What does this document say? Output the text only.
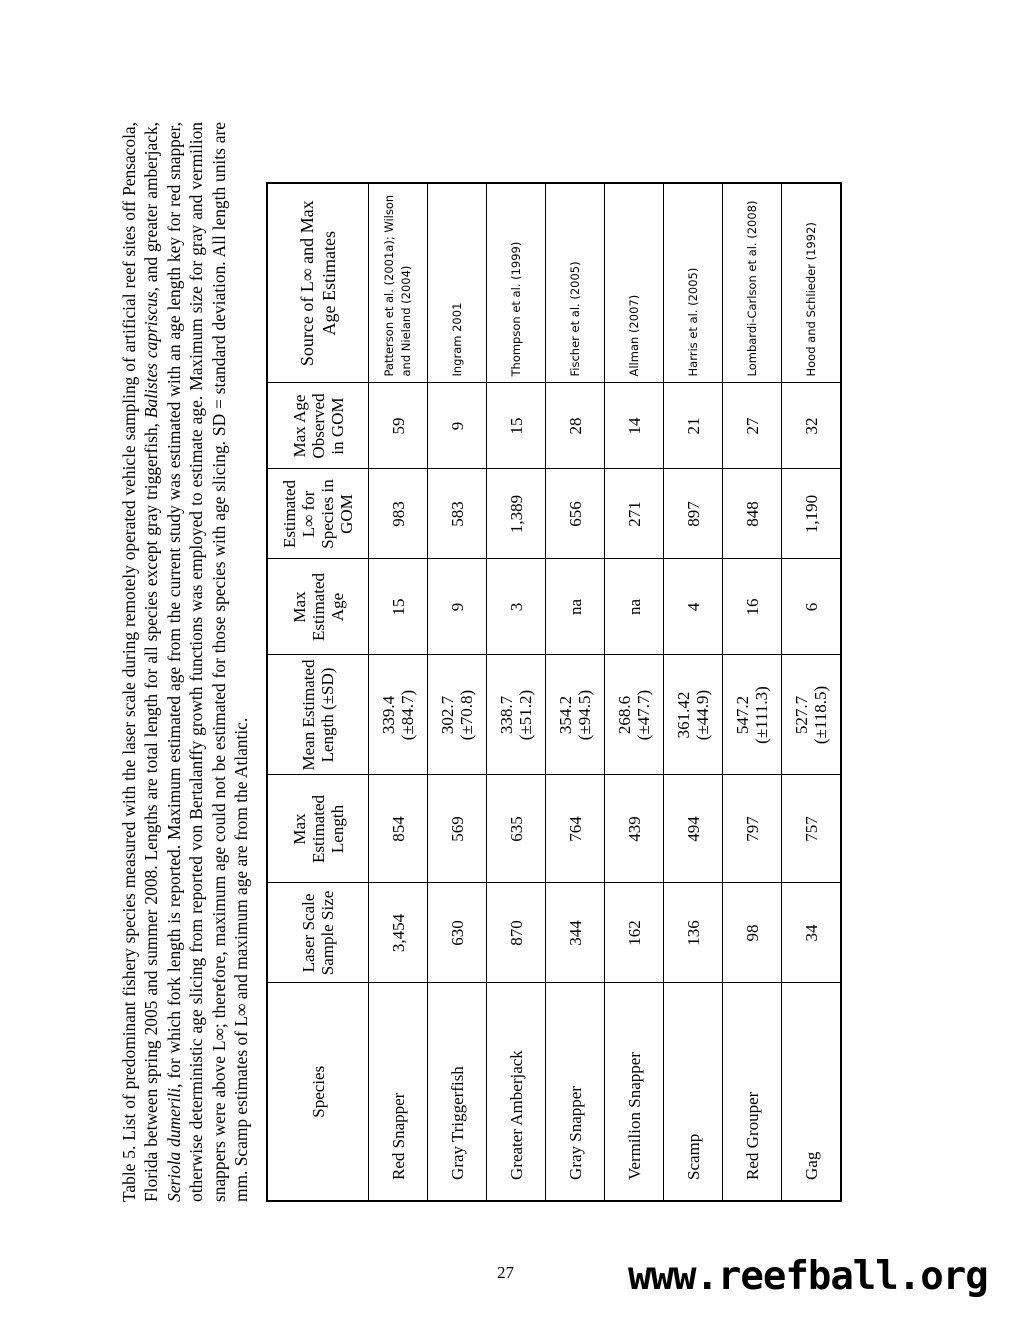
Table 5. List of predominant fishery species measured with the laser scale during remotely operated vehicle sampling of artificial reef sites off Pensacola, Florida between spring 2005 and summer 2008. Lengths are total length for all species except gray triggerfish, Balistes capriscus, and greater amberjack, Seriola dumerili, for which fork length is reported. Maximum estimated age from the current study was estimated with an age length key for red snapper, otherwise deterministic age slicing from reported von Bertalanffy growth functions was employed to estimate age. Maximum size for gray and vermilion snappers were above L∞; therefore, maximum age could not be estimated for those species with age slicing. SD = standard deviation. All length units are mm. Scamp estimates of L∞ and maximum age are from the Atlantic.	Species	Laser Scale Sample Size	Max Estimated Length	Mean Estimated Length (±SD)	Max Estimated Age	Estimated L∞ for Species in GOM	Max Age Observed in GOM	Source of L∞ and Max Age Estimates
Red Snapper	3,454	854	339.4 (±84.7)	15	983	59	Patterson et al. (2001a); Wilson and Nieland (2004)
Gray Triggerfish	630	569	302.7 (±70.8)	9	583	9	Ingram 2001
Greater Amberjack	870	635	338.7 (±51.2)	3	1,389	15	Thompson et al. (1999)
Gray Snapper	344	764	354.2 (±94.5)	na	656	28	Fischer et al. (2005)
Vermilion Snapper	162	439	268.6 (±47.7)	na	271	14	Allman (2007)
Scamp	136	494	361.42 (±44.9)	4	897	21	Harris et al. (2005)
Red Grouper	98	797	547.2 (±111.3)	16	848	27	Lombardi-Carlson et al. (2008)
Gag	34	757	527.7 (±118.5)	6	1,190	32	Hood and Schlieder (1992)
27	www.reefball.org
